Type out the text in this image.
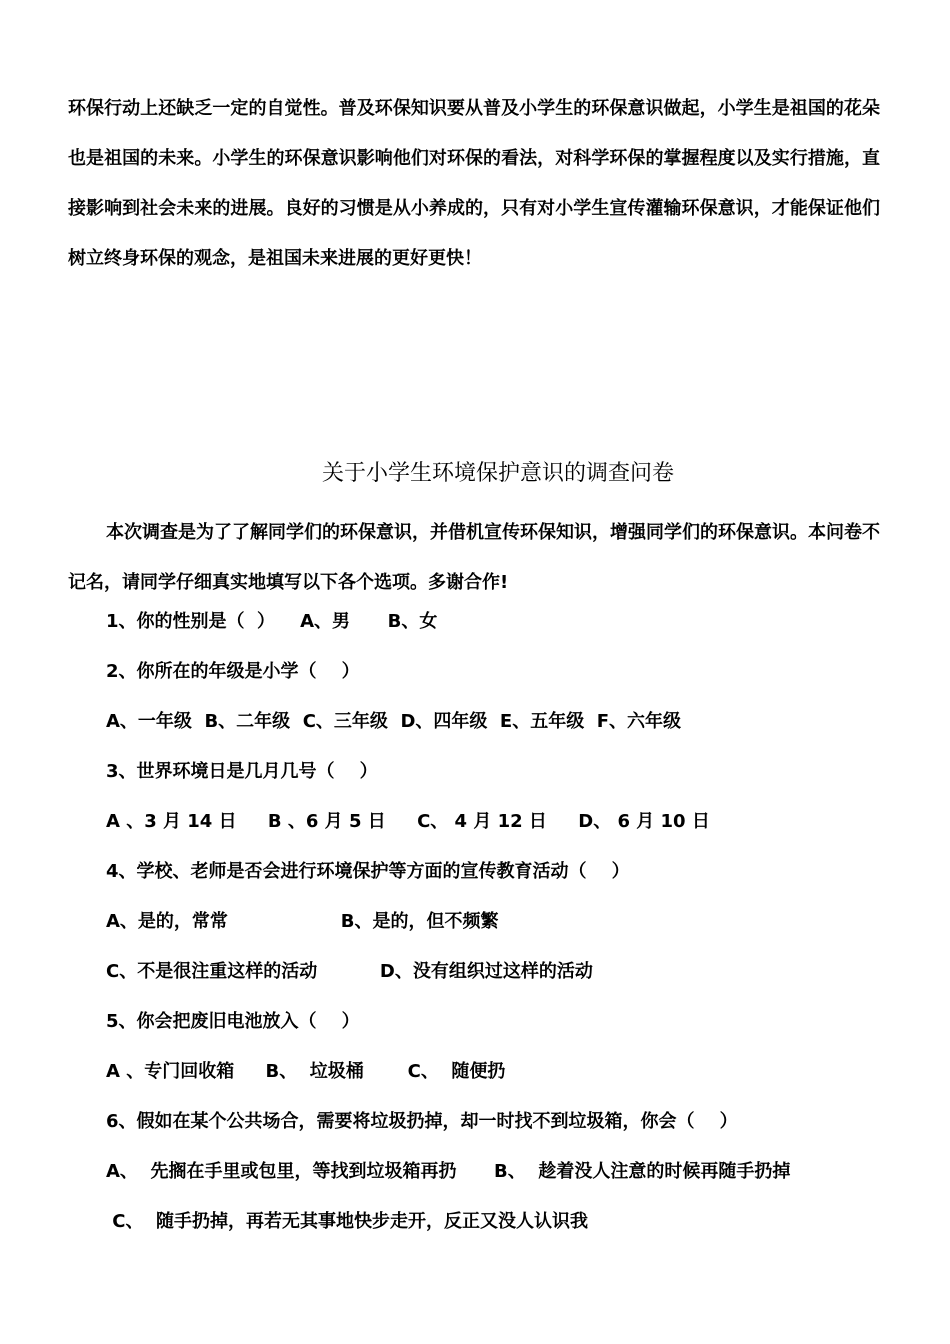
环保行动上还缺乏一定的自觉性。普及环保知识要从普及小学生的环保意识做起，小学生是祖国的花朵也是祖国的未来。小学生的环保意识影响他们对环保的看法，对科学环保的掌握程度以及实行措施，直接影响到社会未来的进展。良好的习惯是从小养成的，只有对小学生宣传灌输环保意识，才能保证他们树立终身环保的观念，是祖国未来进展的更好更快！

关于小学生环境保护意识的调查问卷

本次调查是为了了解同学们的环保意识，并借机宣传环保知识，增强同学们的环保意识。本问卷不记名，请同学仔细真实地填写以下各个选项。多谢合作!

1、你的性别是（  ）    A、男      B、女
2、你所在的年级是小学（    ）
A、一年级  B、二年级  C、三年级  D、四年级  E、五年级  F、六年级
3、世界环境日是几月几号（    ）
A 、3 月 14 日     B 、6 月 5 日     C、 4 月 12 日     D、 6 月 10 日
4、学校、老师是否会进行环境保护等方面的宣传教育活动（    ）
A、是的，常常                  B、是的，但不频繁
C、不是很注重这样的活动          D、没有组织过这样的活动
5、你会把废旧电池放入（    ）
A 、专门回收箱     B、  垃圾桶       C、  随便扔
6、假如在某个公共场合，需要将垃圾扔掉，却一时找不到垃圾箱，你会（    ）
A、  先搁在手里或包里，等找到垃圾箱再扔      B、  趁着没人注意的时候再随手扔掉
C、  随手扔掉，再若无其事地快步走开，反正又没人认识我
